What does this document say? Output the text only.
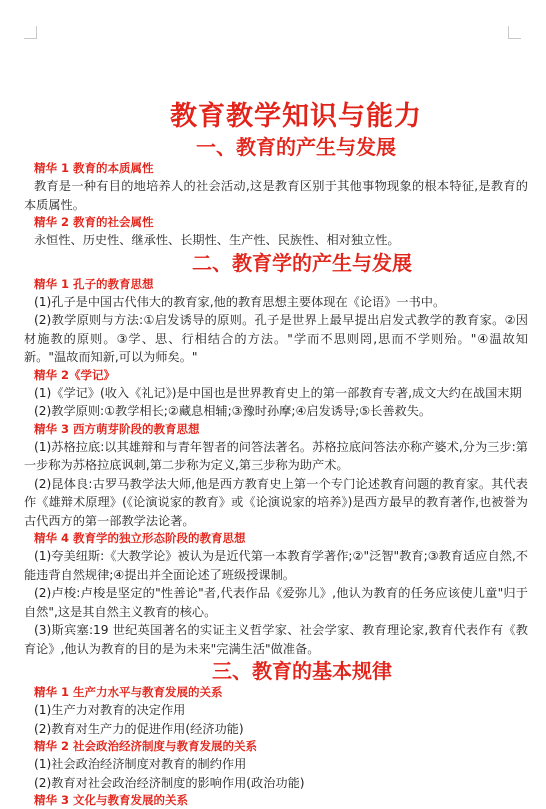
教育教学知识与能力
一、教育的产生与发展
精华 1 教育的本质属性

教育是一种有目的地培养人的社会活动,这是教育区别于其他事物现象的根本特征,是教育的本质属性。

精华 2 教育的社会属性

永恒性、历史性、继承性、长期性、生产性、民族性、相对独立性。

二、教育学的产生与发展
精华 1 孔子的教育思想

(1)孔子是中国古代伟大的教育家,他的教育思想主要体现在《论语》一书中。

(2)教学原则与方法:①启发诱导的原则。孔子是世界上最早提出启发式教学的教育家。②因材施教的原则。③学、思、行相结合的方法。"学而不思则罔,思而不学则殆。"④温故知新。"温故而知新,可以为师矣。"

精华 2《学记》

(1)《学记》(收入《礼记》)是中国也是世界教育史上的第一部教育专著,成文大约在战国末期

(2)教学原则:①教学相长;②藏息相辅;③豫时孙摩;④启发诱导;⑤长善救失。

精华 3 西方萌芽阶段的教育思想

(1)苏格拉底:以其雄辩和与青年智者的问答法著名。苏格拉底问答法亦称产婆术,分为三步:第一步称为苏格拉底讽刺,第二步称为定义,第三步称为助产术。

(2)昆体良:古罗马教学法大师,他是西方教育史上第一个专门论述教育问题的教育家。其代表作《雄辩术原理》(《论演说家的教育》或《论演说家的培养》)是西方最早的教育著作,也被誉为古代西方的第一部教学法论著。

精华 4 教育学的独立形态阶段的教育思想

(1)夸美纽斯:《大教学论》被认为是近代第一本教育学著作;②"泛智"教育;③教育适应自然,不能违背自然规律;④提出并全面论述了班级授课制。

(2)卢梭:卢梭是坚定的"性善论"者,代表作品《爱弥儿》,他认为教育的任务应该使儿童"归于自然",这是其自然主义教育的核心。

(3)斯宾塞:19 世纪英国著名的实证主义哲学家、社会学家、教育理论家,教育代表作有《教育论》,他认为教育的目的是为未来"完满生活"做准备。

三、教育的基本规律
精华 1 生产力水平与教育发展的关系
(1)生产力对教育的决定作用
(2)教育对生产力的促进作用(经济功能)
精华 2 社会政治经济制度与教育发展的关系
(1)社会政治经济制度对教育的制约作用
(2)教育对社会政治经济制度的影响作用(政治功能)
精华 3 文化与教育发展的关系
